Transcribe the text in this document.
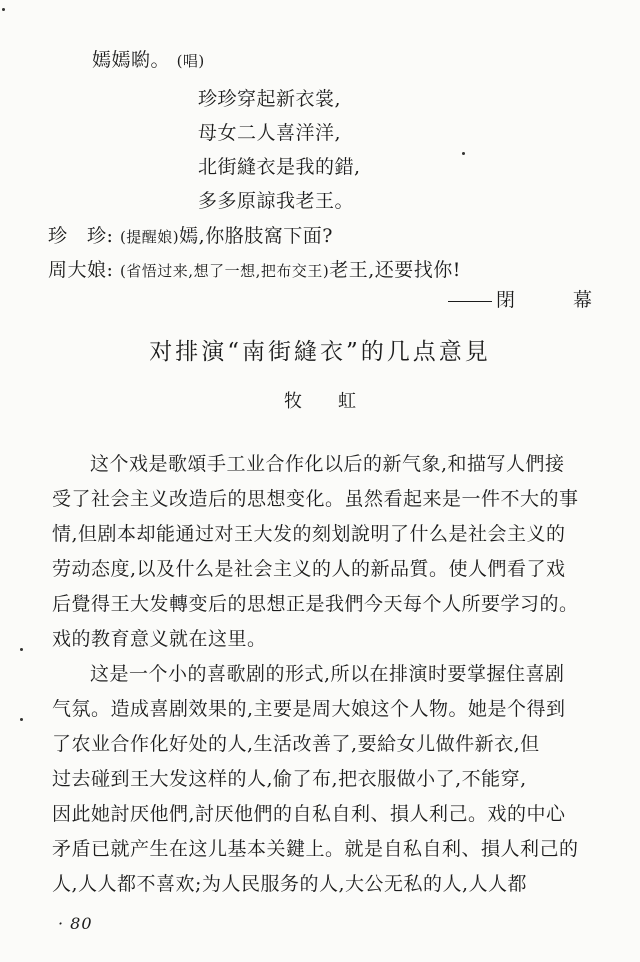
嫣嫣喲。 (唱)
珍珍穿起新衣裳,
母女二人喜洋洋,
北街縫衣是我的錯,
多多原諒我老王。
珍　珍: (提醒娘)嫣,你胳肢窩下面?
周大娘: (省悟过来,想了一想,把布交王)老王,还要找你!
閉 幕
对排演“南街縫衣”的几点意見
牧虹
这个戏是歌頌手工业合作化以后的新气象,和描写人們接
受了社会主义改造后的思想变化。虽然看起来是一件不大的事
情,但剧本却能通过对王大发的刻划說明了什么是社会主义的
劳动态度,以及什么是社会主义的人的新品質。使人們看了戏
后覺得王大发轉变后的思想正是我們今天每个人所要学习的。
戏的教育意义就在这里。
这是一个小的喜歌剧的形式,所以在排演时要掌握住喜剧
气氛。造成喜剧效果的,主要是周大娘这个人物。她是个得到
了农业合作化好处的人,生活改善了,要給女儿做件新衣,但
过去碰到王大发这样的人,偷了布,把衣服做小了,不能穿,
因此她討厌他們,討厌他們的自私自利、損人利己。戏的中心
矛盾已就产生在这儿基本关鍵上。就是自私自利、損人利己的
人,人人都不喜欢;为人民服务的人,大公无私的人,人人都
· 80
